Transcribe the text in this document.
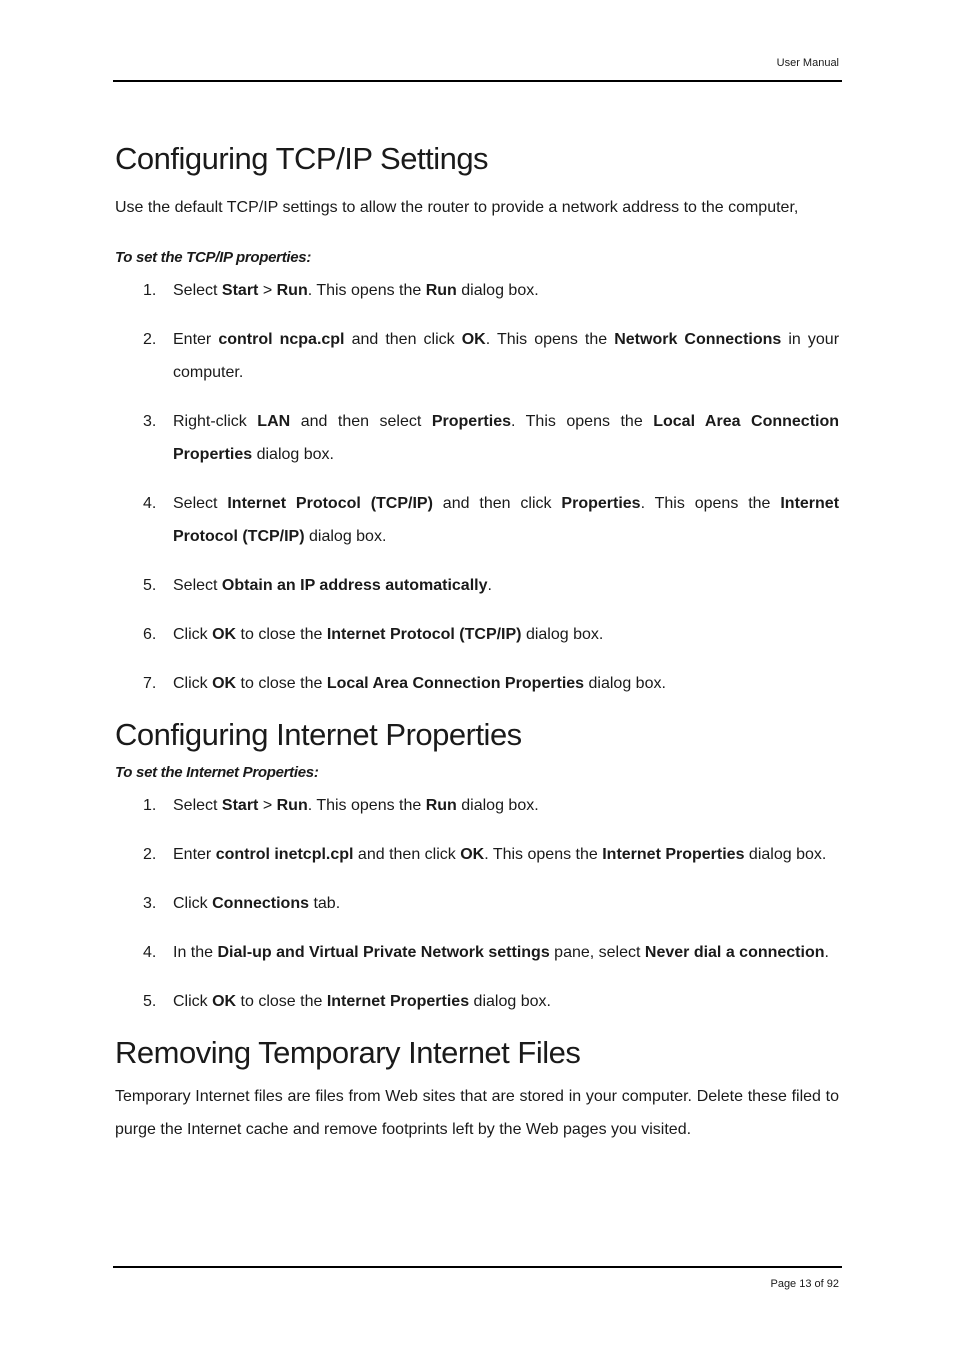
User Manual
Configuring TCP/IP Settings

Use the default TCP/IP settings to allow the router to provide a network address to the computer,

To set the TCP/IP properties:
1. Select Start > Run. This opens the Run dialog box.
2. Enter control ncpa.cpl and then click OK. This opens the Network Connections in your computer.
3. Right-click LAN and then select Properties. This opens the Local Area Connection Properties dialog box.
4. Select Internet Protocol (TCP/IP) and then click Properties. This opens the Internet Protocol (TCP/IP) dialog box.
5. Select Obtain an IP address automatically.
6. Click OK to close the Internet Protocol (TCP/IP) dialog box.
7. Click OK to close the Local Area Connection Properties dialog box.
Configuring Internet Properties
To set the Internet Properties:
1. Select Start > Run. This opens the Run dialog box.
2. Enter control inetcpl.cpl and then click OK. This opens the Internet Properties dialog box.
3. Click Connections tab.
4. In the Dial-up and Virtual Private Network settings pane, select Never dial a connection.
5. Click OK to close the Internet Properties dialog box.
Removing Temporary Internet Files

Temporary Internet files are files from Web sites that are stored in your computer. Delete these filed to purge the Internet cache and remove footprints left by the Web pages you visited.

Page 13 of 92
